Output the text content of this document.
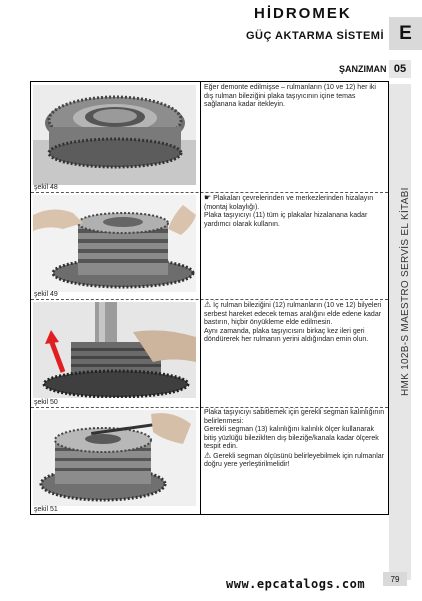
HİDROMEK
E
GÜÇ AKTARMA SİSTEMİ
ŞANZIMAN 05
HMK 102B-S MAESTRO SERVİS EL KİTABI
şekil 48

Eğer demonte edilmişse – rulmanların (10 ve 12) her iki dış rulman bileziğini plaka taşıyıcının içine temas sağlanana kadar itekleyin.

şekil 49

☛ Plakaları çevrelerinden ve merkezlerinden hizalayın (montaj kolaylığı).

Plaka taşıyıcıyı (11) tüm iç plakalar hizalanana kadar yardımcı olarak kullanın.

şekil 50

⚠ İç rulman bileziğini (12) rulmanların (10 ve 12) bilyeleri serbest hareket edecek temas aralığını elde edene kadar bastırın, hiçbir önyükleme elde edilmesin.

Aynı zamanda, plaka taşıyıcısını birkaç kez ileri geri döndürerek her rulmanın yerini aldığından emin olun.

şekil 51

Plaka taşıyıcıyı sabitlemek için gerekli segman kalınlığının belirlenmesi:

Gerekli segman (13) kalınlığını kalınlık ölçer kullanarak bitiş yüzlüğü bileziklten dış bileziğe/kanala kadar ölçerek tespit edin.

⚠ Gerekli segman ölçüsünü belirleyebilmek için rulmanlar doğru yere yerleştirilmelidir!

www.epcatalogs.com	79
